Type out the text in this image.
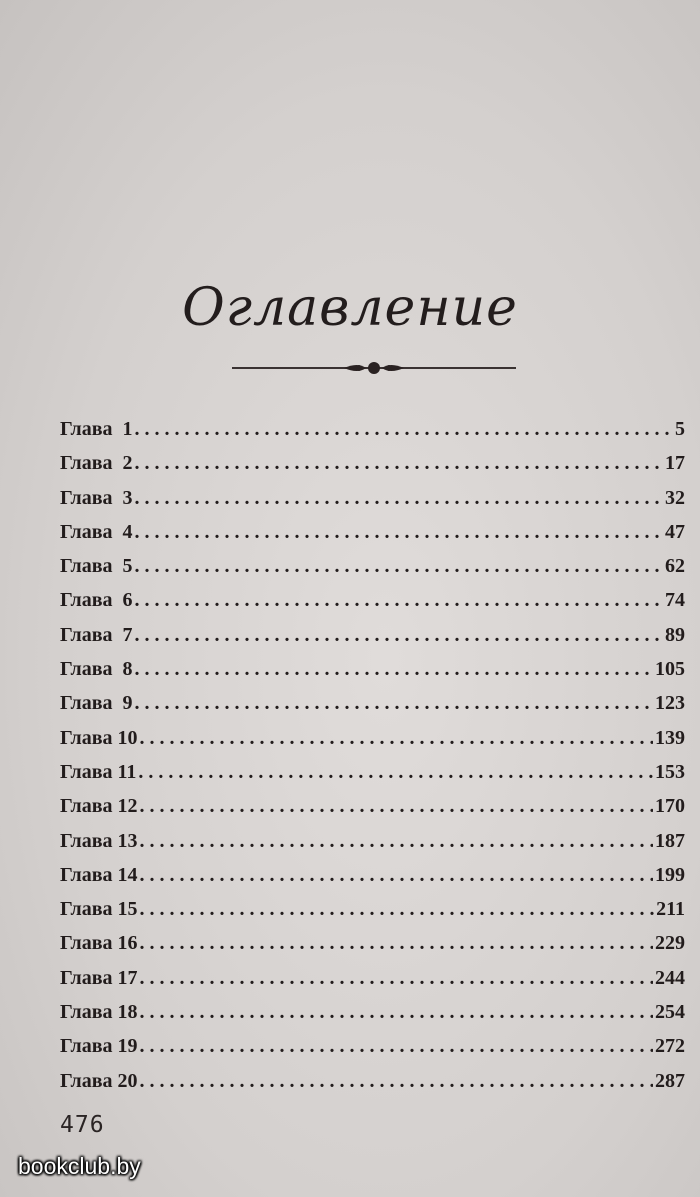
Оглавление
Глава  1 . . .	5
Глава  2 . . .	17
Глава  3 . . .	32
Глава  4 . . .	47
Глава  5 . . .	62
Глава  6 . . .	74
Глава  7 . . .	89
Глава  8 . . .	105
Глава  9 . . .	123
Глава 10 . . .	139
Глава 11 . . .	153
Глава 12 . . .	170
Глава 13 . . .	187
Глава 14 . . .	199
Глава 15 . . .	211
Глава 16 . . .	229
Глава 17 . . .	244
Глава 18 . . .	254
Глава 19 . . .	272
Глава 20 . . .	287
476
bookclub.by
